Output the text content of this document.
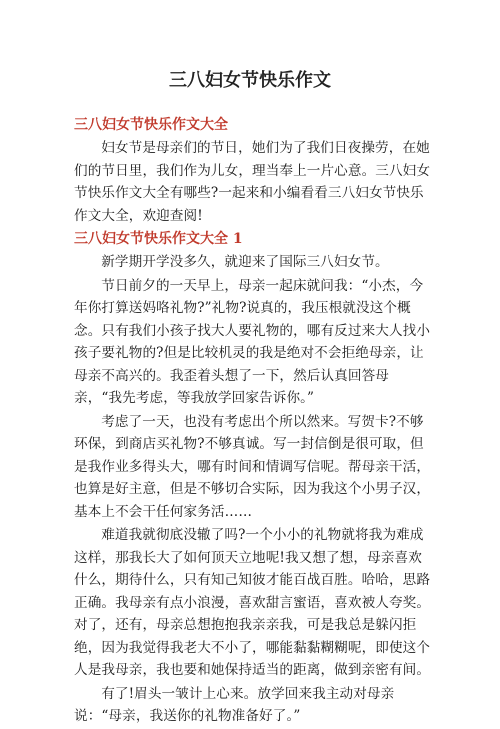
三八妇女节快乐作文

三八妇女节快乐作文大全

妇女节是母亲们的节日，她们为了我们日夜操劳，在她们的节日里，我们作为儿女，理当奉上一片心意。三八妇女节快乐作文大全有哪些?一起来和小编看看三八妇女节快乐作文大全，欢迎查阅!

三八妇女节快乐作文大全 1

新学期开学没多久，就迎来了国际三八妇女节。

节日前夕的一天早上，母亲一起床就问我：“小杰，今年你打算送妈咯礼物?”礼物?说真的，我压根就没这个概念。只有我们小孩子找大人要礼物的，哪有反过来大人找小孩子要礼物的?但是比较机灵的我是绝对不会拒绝母亲，让母亲不高兴的。我歪着头想了一下，然后认真回答母亲，“我先考虑，等我放学回家告诉你。”

考虑了一天，也没有考虑出个所以然来。写贺卡?不够环保，到商店买礼物?不够真诚。写一封信倒是很可取，但是我作业多得头大，哪有时间和情调写信呢。帮母亲干活，也算是好主意，但是不够切合实际，因为我这个小男子汉，基本上不会干任何家务活……

难道我就彻底没辙了吗?一个小小的礼物就将我为难成这样，那我长大了如何顶天立地呢!我又想了想，母亲喜欢什么，期待什么，只有知己知彼才能百战百胜。哈哈，思路正确。我母亲有点小浪漫，喜欢甜言蜜语，喜欢被人夸奖。对了，还有，母亲总想抱抱我亲亲我，可是我总是躲闪拒绝，因为我觉得我老大不小了，哪能黏黏糊糊呢，即使这个人是我母亲，我也要和她保持适当的距离，做到亲密有间。

有了!眉头一皱计上心来。放学回来我主动对母亲说：“母亲，我送你的礼物准备好了。”
